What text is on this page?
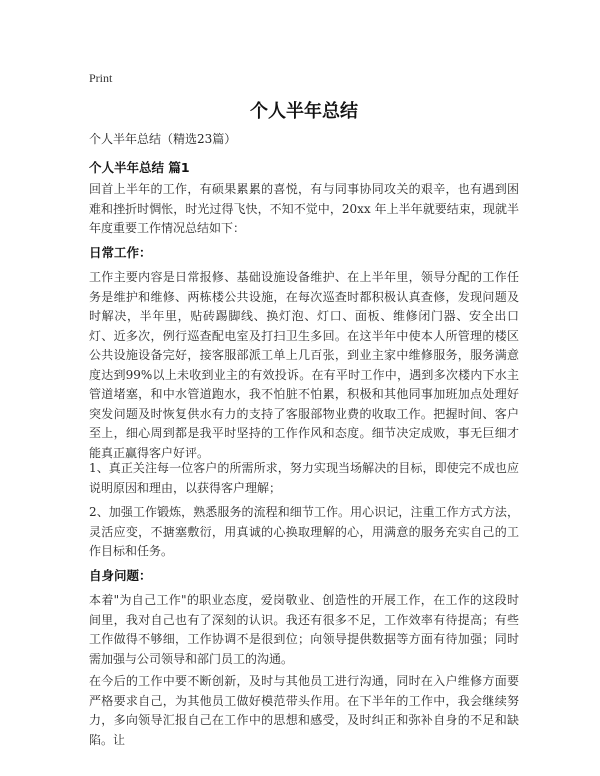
Print
个人半年总结

个人半年总结（精选23篇）

个人半年总结 篇1

回首上半年的工作，有硕果累累的喜悦，有与同事协同攻关的艰辛，也有遇到困难和挫折时惆怅，时光过得飞快，不知不觉中，20xx 年上半年就要结束，现就半年度重要工作情况总结如下：

日常工作：

工作主要内容是日常报修、基础设施设备维护、在上半年里，领导分配的工作任务是维护和维修、两栋楼公共设施，在每次巡查时都积极认真查修，发现问题及时解决，半年里，贴砖踢脚线、换灯泡、灯口、面板、维修闭门器、安全出口灯、近多次，例行巡查配电室及打扫卫生多回。在这半年中使本人所管理的楼区公共设施设备完好，接客服部派工单上几百张，到业主家中维修服务，服务满意度达到99%以上未收到业主的有效投诉。在有平时工作中，遇到多次楼内下水主管道堵塞，和中水管道跑水，我不怕脏不怕累，积极和其他同事加班加点处理好突发问题及时恢复供水有力的支持了客服部物业费的收取工作。把握时间、客户至上，细心周到都是我平时坚持的工作作风和态度。细节决定成败，事无巨细才能真正赢得客户好评。

1、真正关注每一位客户的所需所求，努力实现当场解决的目标，即使完不成也应说明原因和理由，以获得客户理解；

2、加强工作锻炼，熟悉服务的流程和细节工作。用心识记，注重工作方式方法，灵活应变，不搪塞敷衍，用真诚的心换取理解的心，用满意的服务充实自己的工作目标和任务。

自身问题：

本着"为自己工作"的职业态度，爱岗敬业、创造性的开展工作，在工作的这段时间里，我对自己也有了深刻的认识。我还有很多不足，工作效率有待提高；有些工作做得不够细，工作协调不是很到位；向领导提供数据等方面有待加强；同时需加强与公司领导和部门员工的沟通。

在今后的工作中要不断创新，及时与其他员工进行沟通，同时在入户维修方面要严格要求自己，为其他员工做好模范带头作用。在下半年的工作中，我会继续努力，多向领导汇报自己在工作中的思想和感受，及时纠正和弥补自身的不足和缺陷。让
